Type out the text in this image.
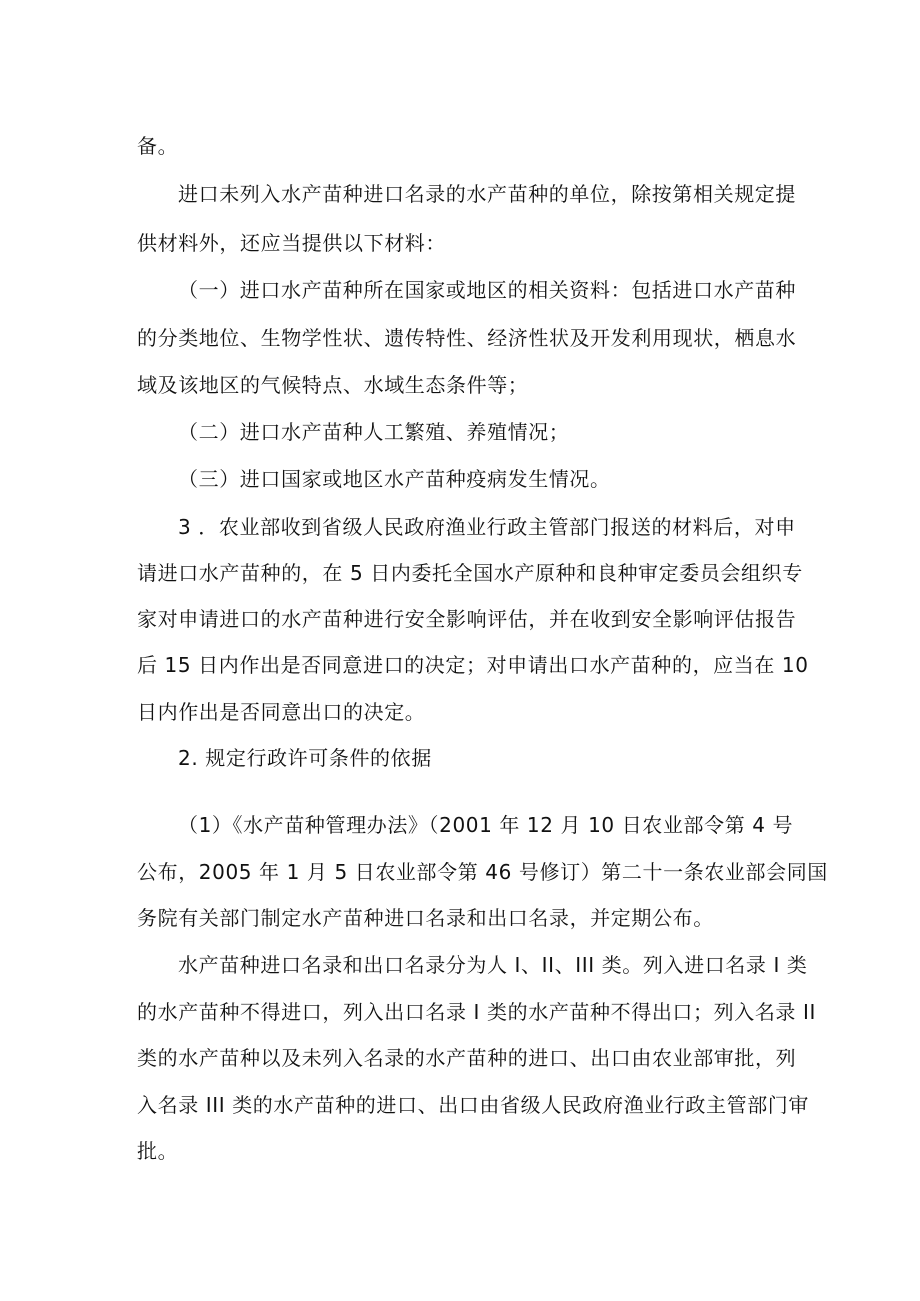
备。
进口未列入水产苗种进口名录的水产苗种的单位，除按第相关规定提
供材料外，还应当提供以下材料：
（一）进口水产苗种所在国家或地区的相关资料：包括进口水产苗种
的分类地位、生物学性状、遗传特性、经济性状及开发利用现状，栖息水
域及该地区的气候特点、水域生态条件等；
（二）进口水产苗种人工繁殖、养殖情况；
（三）进口国家或地区水产苗种疫病发生情况。
3 ．农业部收到省级人民政府渔业行政主管部门报送的材料后，对申
请进口水产苗种的，在 5 日内委托全国水产原种和良种审定委员会组织专
家对申请进口的水产苗种进行安全影响评估，并在收到安全影响评估报告
后 15 日内作出是否同意进口的决定；对申请出口水产苗种的，应当在 10
日内作出是否同意出口的决定。
2. 规定行政许可条件的依据
（1）《水产苗种管理办法》（2001 年 12 月 10 日农业部令第 4 号
公布，2005 年 1 月 5 日农业部令第 46 号修订）第二十一条农业部会同国
务院有关部门制定水产苗种进口名录和出口名录，并定期公布。
水产苗种进口名录和出口名录分为人 I、II、III 类。列入进口名录 I 类
的水产苗种不得进口，列入出口名录 I 类的水产苗种不得出口；列入名录 II
类的水产苗种以及未列入名录的水产苗种的进口、出口由农业部审批，列
入名录 III 类的水产苗种的进口、出口由省级人民政府渔业行政主管部门审
批。
